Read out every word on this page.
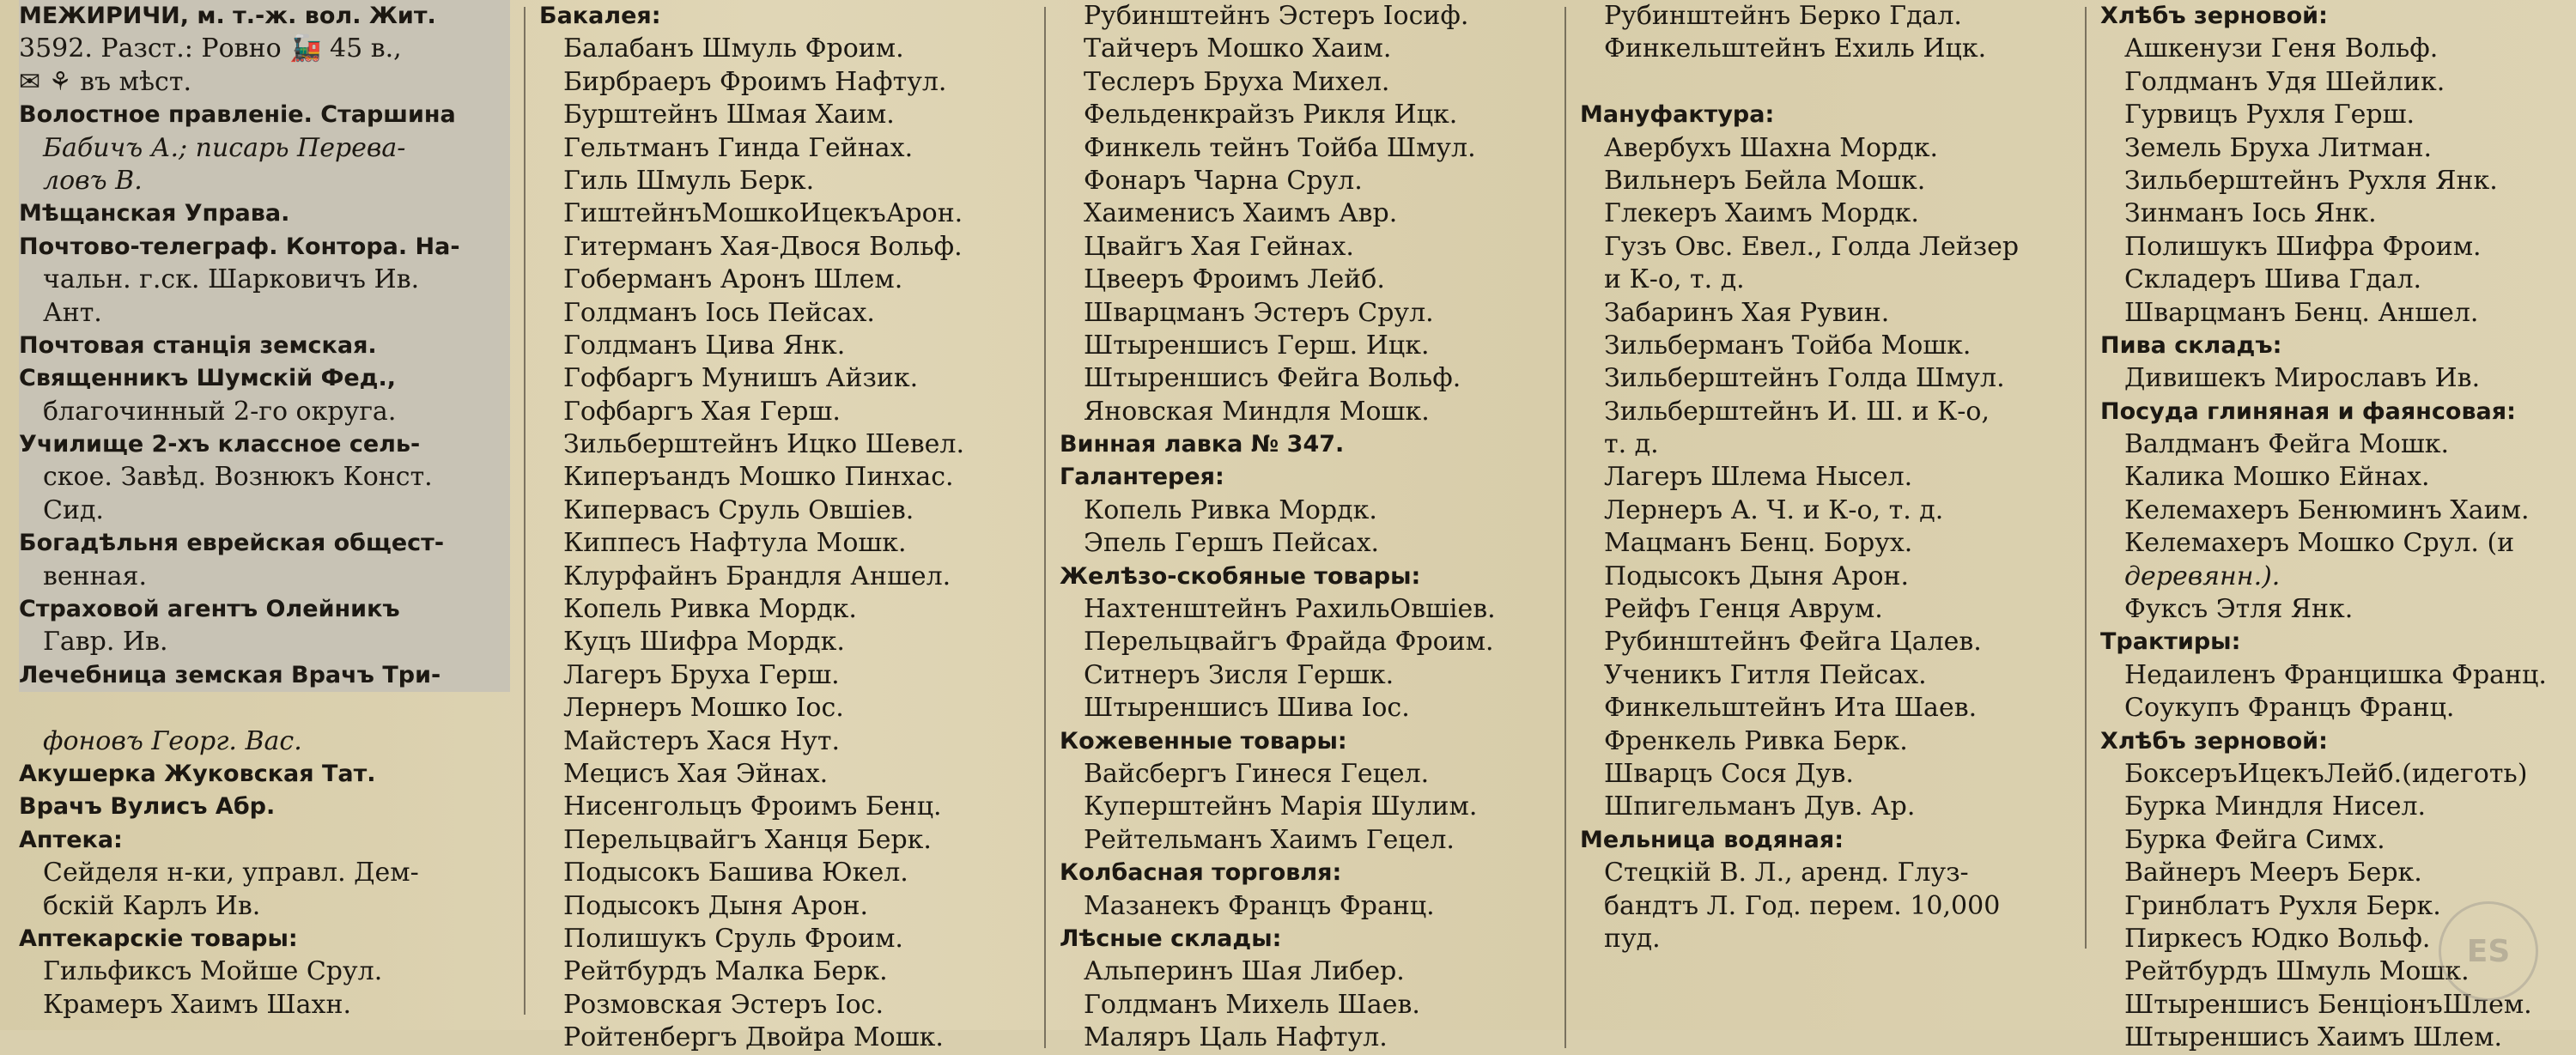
МЕЖИРИЧИ, м. т.-ж. вол. Жит.
3592. Разст.: Ровно 🚂 45 в.,
✉ ⚘ въ мѣст.
Волостное правленіе. Старшина
Бабичъ А.; писарь Перева-
ловъ В.
Мѣщанская Управа.
Почтово-телеграф. Контора. На-
чальн. г.ск. Шарковичъ Ив.
Ант.
Почтовая станція земская.
Священникъ Шумскій Фед.,
благочинный 2-го округа.
Училище 2-хъ классное сель-
ское. Завѣд. Вознюкъ Конст.
Сид.
Богадѣльня еврейская общест-
венная.
Страховой агентъ Олейникъ
Гавр. Ив.
Лечебница земская Врачъ Три-
фоновъ Георг. Вас.
Акушерка Жуковская Тат.
Врачъ Вулисъ Абр.
Аптека:
Сейделя н-ки, управл. Дем-
бскій Карлъ Ив.
Аптекарскіе товары:
Гильфиксъ Мойше Срул.
Крамеръ Хаимъ Шахн.
Бакалея:
Балабанъ Шмуль Фроим.
Бирбраеръ Фроимъ Нафтул.
Бурштейнъ Шмая Хаим.
Гельтманъ Гинда Гейнах.
Гиль Шмуль Берк.
ГиштейнъМошкоИцекъАрон.
Гитерманъ Хая-Двося Вольф.
Гоберманъ Аронъ Шлем.
Голдманъ Іось Пейсах.
Голдманъ Цива Янк.
Гофбаргъ Мунишъ Айзик.
Гофбаргъ Хая Герш.
Зильберштейнъ Ицко Шевел.
Киперъандъ Мошко Пинхас.
Кипервасъ Сруль Овшіев.
Киппесъ Нафтула Мошк.
Клурфайнъ Брандля Аншел.
Копель Ривка Мордк.
Куцъ Шифра Мордк.
Лагеръ Бруха Герш.
Лернеръ Мошко Іос.
Майстеръ Хася Нут.
Мецисъ Хая Эйнах.
Нисенгольцъ Фроимъ Бенц.
Перельцвайгъ Ханця Берк.
Подысокъ Башива Юкел.
Подысокъ Дыня Арон.
Полишукъ Сруль Фроим.
Рейтбурдъ Малка Берк.
Розмовская Эстеръ Іос.
Ройтенбергъ Двойра Мошк.
Рубинштейнъ Эстеръ Іосиф.
Тайчеръ Мошко Хаим.
Теслеръ Бруха Михел.
Фельденкрайзъ Рикля Ицк.
Финкель тейнъ Тойба Шмул.
Фонаръ Чарна Срул.
Хаименисъ Хаимъ Авр.
Цвайгъ Хая Гейнах.
Цвееръ Фроимъ Лейб.
Шварцманъ Эстеръ Срул.
Штыреншисъ Герш. Ицк.
Штыреншисъ Фейга Вольф.
Яновская Миндля Мошк.
Винная лавка № 347.
Галантерея:
Копель Ривка Мордк.
Эпель Гершъ Пейсах.
Желѣзо-скобяные товары:
Нахтенштейнъ РахильОвшіев.
Перельцвайгъ Фрайда Фроим.
Ситнеръ Зисля Гершк.
Штыреншисъ Шива Іос.
Кожевенные товары:
Вайсбергъ Гинеся Гецел.
Куперштейнъ Марія Шулим.
Рейтельманъ Хаимъ Гецел.
Колбасная торговля:
Мазанекъ Францъ Франц.
Лѣсные склады:
Альперинъ Шая Либер.
Голдманъ Михель Шаев.
Маляръ Цаль Нафтул.
Рубинштейнъ Берко Гдал.
Финкельштейнъ Ехиль Ицк.
Мануфактура:
Авербухъ Шахна Мордк.
Вильнеръ Бейла Мошк.
Глекеръ Хаимъ Мордк.
Гузъ Овс. Евел., Голда Лейзер
и К-о, т. д.
Забаринъ Хая Рувин.
Зильберманъ Тойба Мошк.
Зильберштейнъ Голда Шмул.
Зильберштейнъ И. Ш. и К-о,
т. д.
Лагеръ Шлема Нысел.
Лернеръ А. Ч. и К-о, т. д.
Мацманъ Бенц. Борух.
Подысокъ Дыня Арон.
Рейфъ Генця Аврум.
Рубинштейнъ Фейга Цалев.
Ученикъ Гитля Пейсах.
Финкельштейнъ Ита Шаев.
Френкель Ривка Берк.
Шварцъ Сося Дув.
Шпигельманъ Дув. Ар.
Мельница водяная:
Стецкій В. Л., аренд. Глуз-
бандтъ Л. Год. перем. 10,000
пуд.
Хлѣбъ зерновой:
Ашкенузи Геня Вольф.
Голдманъ Удя Шейлик.
Гурвицъ Рухля Герш.
Земель Бруха Литман.
Зильберштейнъ Рухля Янк.
Зинманъ Іось Янк.
Полишукъ Шифра Фроим.
Складеръ Шива Гдал.
Шварцманъ Бенц. Аншел.
Пива складъ:
Дивишекъ Мирославъ Ив.
Посуда глиняная и фаянсовая:
Валдманъ Фейга Мошк.
Калика Мошко Ейнах.
Келемахеръ Бенюминъ Хаим.
Келемахеръ Мошко Срул. (и
деревянн.).
Фуксъ Этля Янк.
Трактиры:
Недаиленъ Францишка Франц.
Соукупъ Францъ Франц.
Хлѣбъ зерновой:
БоксеръИцекъЛейб.(идеготь)
Бурка Миндля Нисел.
Бурка Фейга Симх.
Вайнеръ Мееръ Берк.
Гринблатъ Рухля Берк.
Пиркесъ Юдко Вольф.
Рейтбурдъ Шмуль Мошк.
Штыреншисъ БенціонъШлем.
Штыреншисъ Хаимъ Шлем.
ES
